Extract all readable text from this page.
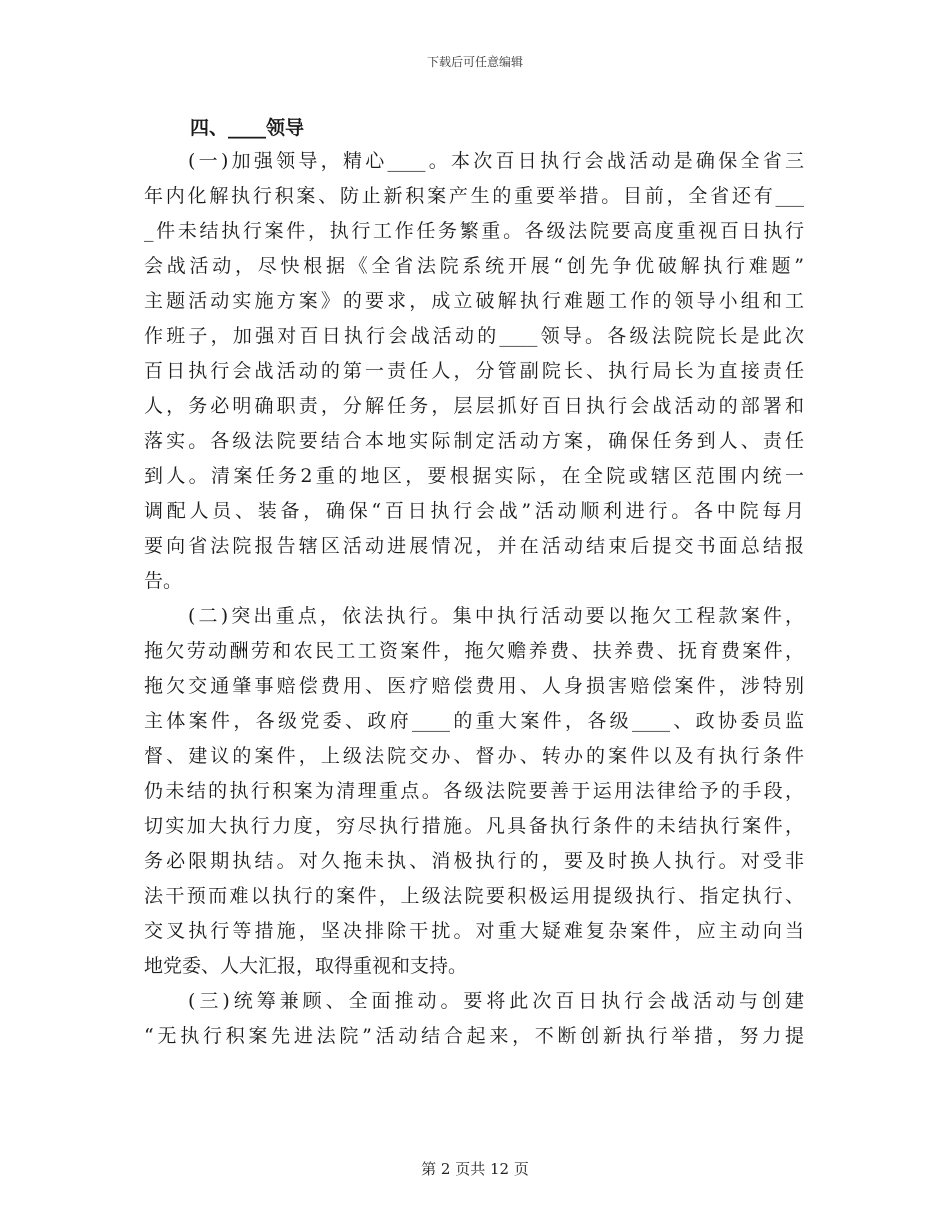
下载后可任意编辑

四、____领导

(一)加强领导，精心____。本次百日执行会战活动是确保全省三
年内化解执行积案、防止新积案产生的重要举措。目前，全省还有___
_件未结执行案件，执行工作任务繁重。各级法院要高度重视百日执行
会战活动，尽快根据《全省法院系统开展“创先争优破解执行难题”
主题活动实施方案》的要求，成立破解执行难题工作的领导小组和工
作班子，加强对百日执行会战活动的____领导。各级法院院长是此次
百日执行会战活动的第一责任人，分管副院长、执行局长为直接责任
人，务必明确职责，分解任务，层层抓好百日执行会战活动的部署和
落实。各级法院要结合本地实际制定活动方案，确保任务到人、责任
到人。清案任务2重的地区，要根据实际，在全院或辖区范围内统一
调配人员、装备，确保“百日执行会战”活动顺利进行。各中院每月
要向省法院报告辖区活动进展情况，并在活动结束后提交书面总结报
告。
(二)突出重点，依法执行。集中执行活动要以拖欠工程款案件，
拖欠劳动酬劳和农民工工资案件，拖欠赡养费、扶养费、抚育费案件，
拖欠交通肇事赔偿费用、医疗赔偿费用、人身损害赔偿案件，涉特别
主体案件，各级党委、政府____的重大案件，各级____、政协委员监
督、建议的案件，上级法院交办、督办、转办的案件以及有执行条件
仍未结的执行积案为清理重点。各级法院要善于运用法律给予的手段，
切实加大执行力度，穷尽执行措施。凡具备执行条件的未结执行案件，
务必限期执结。对久拖未执、消极执行的，要及时换人执行。对受非
法干预而难以执行的案件，上级法院要积极运用提级执行、指定执行、
交叉执行等措施，坚决排除干扰。对重大疑难复杂案件，应主动向当
地党委、人大汇报，取得重视和支持。
(三)统筹兼顾、全面推动。要将此次百日执行会战活动与创建
“无执行积案先进法院”活动结合起来，不断创新执行举措，努力提
第 2 页共 12 页
